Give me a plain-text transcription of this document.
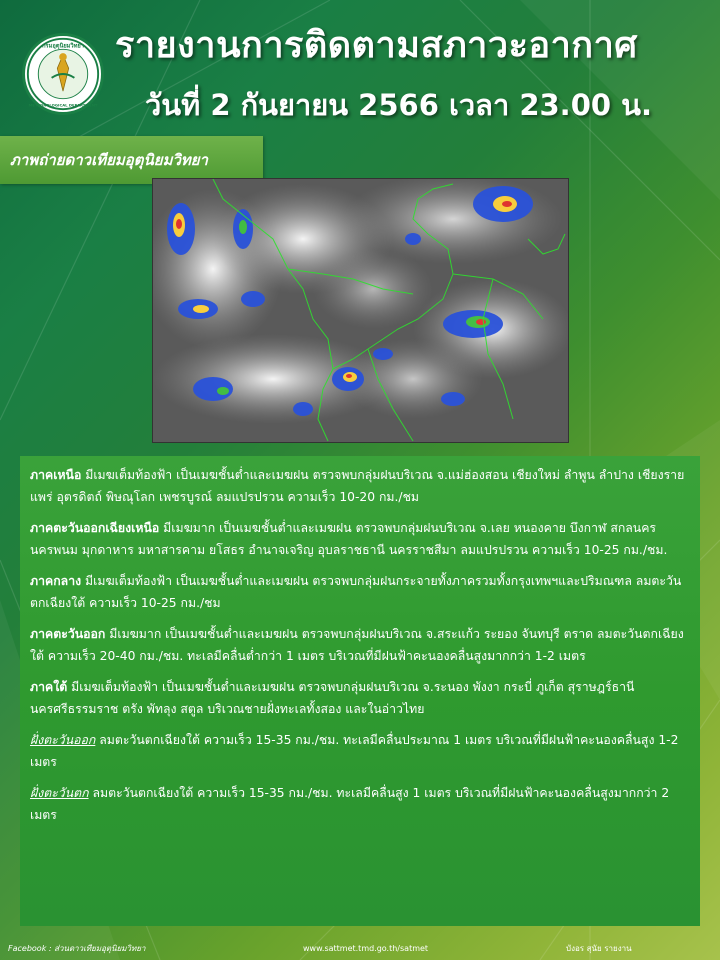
กรมอุตุนิยมวิทยา
METEOROLOGICAL DEPARTMENT
รายงานการติดตามสภาวะอากาศ
วันที่ 2 กันยายน 2566 เวลา 23.00 น.
ภาพถ่ายดาวเทียมอุตุนิยมวิทยา

ภาคเหนือ มีเมฆเต็มท้องฟ้า เป็นเมฆชั้นต่ำและเมฆฝน ตรวจพบกลุ่มฝนบริเวณ จ.แม่ฮ่องสอน เชียงใหม่ ลำพูน ลำปาง เชียงราย แพร่ อุตรดิตถ์ พิษณุโลก เพชรบูรณ์ ลมแปรปรวน ความเร็ว 10-20 กม./ชม

ภาคตะวันออกเฉียงเหนือ มีเมฆมาก เป็นเมฆชั้นต่ำและเมฆฝน ตรวจพบกลุ่มฝนบริเวณ จ.เลย หนองคาย บึงกาฬ สกลนคร นครพนม มุกดาหาร มหาสารคาม ยโสธร อำนาจเจริญ อุบลราชธานี นครราชสีมา ลมแปรปรวน ความเร็ว 10-25 กม./ชม.

ภาคกลาง มีเมฆเต็มท้องฟ้า เป็นเมฆชั้นต่ำและเมฆฝน ตรวจพบกลุ่มฝนกระจายทั้งภาครวมทั้งกรุงเทพฯและปริมณฑล ลมตะวันตกเฉียงใต้ ความเร็ว 10-25 กม./ชม

ภาคตะวันออก มีเมฆมาก เป็นเมฆชั้นต่ำและเมฆฝน ตรวจพบกลุ่มฝนบริเวณ จ.สระแก้ว ระยอง จันทบุรี ตราด ลมตะวันตกเฉียงใต้ ความเร็ว 20-40 กม./ชม. ทะเลมีคลื่นต่ำกว่า 1 เมตร บริเวณที่มีฝนฟ้าคะนองคลื่นสูงมากกว่า 1-2 เมตร

ภาคใต้ มีเมฆเต็มท้องฟ้า เป็นเมฆชั้นต่ำและเมฆฝน ตรวจพบกลุ่มฝนบริเวณ จ.ระนอง พังงา กระบี่ ภูเก็ต สุราษฎร์ธานี นครศรีธรรมราช ตรัง พัทลุง สตูล บริเวณชายฝั่งทะเลทั้งสอง และในอ่าวไทย

ฝั่งตะวันออก ลมตะวันตกเฉียงใต้ ความเร็ว 15-35 กม./ชม. ทะเลมีคลื่นประมาณ 1 เมตร บริเวณที่มีฝนฟ้าคะนองคลื่นสูง 1-2 เมตร

ฝั่งตะวันตก ลมตะวันตกเฉียงใต้ ความเร็ว 15-35 กม./ชม. ทะเลมีคลื่นสูง 1 เมตร บริเวณที่มีฝนฟ้าคะนองคลื่นสูงมากกว่า 2 เมตร

Facebook : ส่วนดาวเทียมอุตุนิยมวิทยา	www.sattmet.tmd.go.th/satmet	บังอร สุนัย รายงาน
